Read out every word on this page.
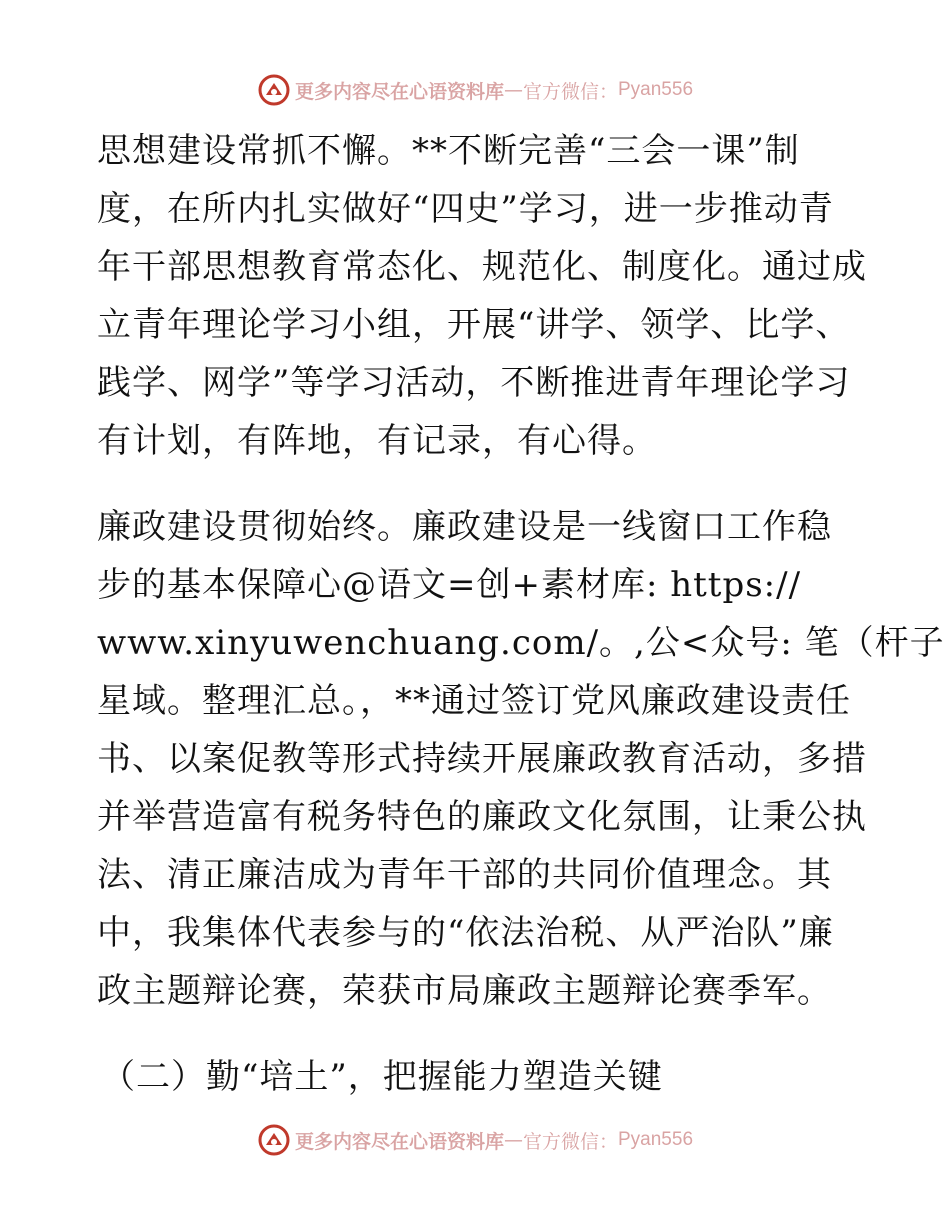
更多内容尽在心语资料库 — 官方微信： Pyan556
思想建设常抓不懈。**不断完善“三会一课”制
度，在所内扎实做好“四史”学习，进一步推动青
年干部思想教育常态化、规范化、制度化。通过成
立青年理论学习小组，开展“讲学、领学、比学、
践学、网学”等学习活动，不断推进青年理论学习
有计划，有阵地，有记录，有心得。
廉政建设贯彻始终。廉政建设是一线窗口工作稳
步的基本保障心@语文=创+素材库: https://
www.xinyuwenchuang.com/。,公<众号: 笔（杆子
星域。整理汇总。，**通过签订党风廉政建设责任
书、以案促教等形式持续开展廉政教育活动，多措
并举营造富有税务特色的廉政文化氛围，让秉公执
法、清正廉洁成为青年干部的共同价值理念。其
中，我集体代表参与的“依法治税、从严治队”廉
政主题辩论赛，荣获市局廉政主题辩论赛季军。
（二）勤“培土”，把握能力塑造关键
更多内容尽在心语资料库 — 官方微信： Pyan556
